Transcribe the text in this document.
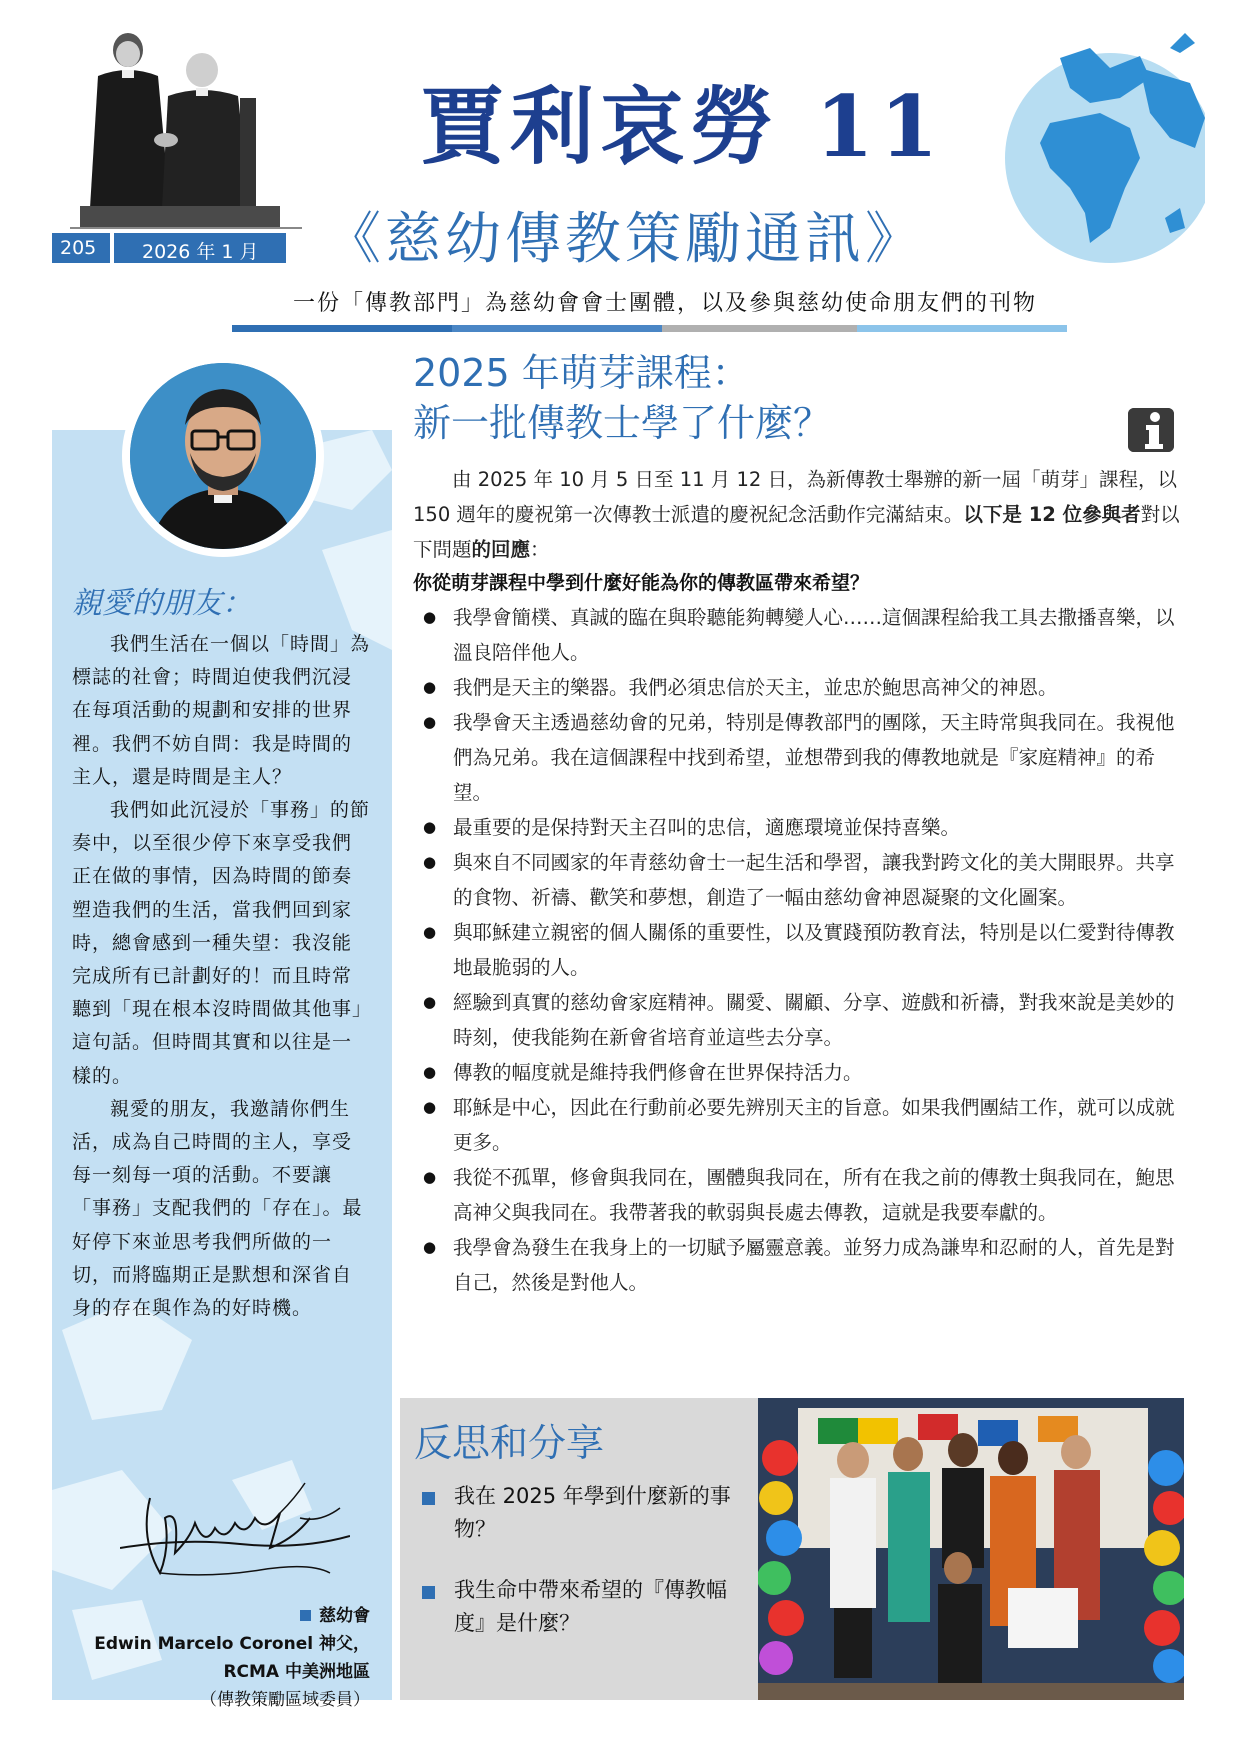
賈利哀勞 11
205 2026 年 1 月 《慈幼傳教策勵通訊》
一份「傳教部門」為慈幼會會士團體，以及參與慈幼使命朋友們的刊物
親愛的朋友：

我們生活在一個以「時間」為標誌的社會；時間迫使我們沉浸在每項活動的規劃和安排的世界裡。我們不妨自問：我是時間的主人，還是時間是主人？

我們如此沉浸於「事務」的節奏中，以至很少停下來享受我們正在做的事情，因為時間的節奏塑造我們的生活，當我們回到家時，總會感到一種失望：我沒能完成所有已計劃好的！而且時常聽到「現在根本沒時間做其他事」這句話。但時間其實和以往是一樣的。

親愛的朋友，我邀請你們生活，成為自己時間的主人，享受每一刻每一項的活動。不要讓「事務」支配我們的「存在」。最好停下來並思考我們所做的一切，而將臨期正是默想和深省自身的存在與作為的好時機。

慈幼會
Edwin Marcelo Coronel 神父，
RCMA 中美洲地區
（傳教策勵區域委員）
2025 年萌芽課程：
新一批傳教士學了什麼？

由 2025 年 10 月 5 日至 11 月 12 日，為新傳教士舉辦的新一屆「萌芽」課程，以 150 週年的慶祝第一次傳教士派遣的慶祝紀念活動作完滿結束。以下是 12 位參與者對以下問題的回應：

你從萌芽課程中學到什麼好能為你的傳教區帶來希望？
● 我學會簡樸、真誠的臨在與聆聽能夠轉變人心……這個課程給我工具去撒播喜樂，以溫良陪伴他人。
● 我們是天主的樂器。我們必須忠信於天主，並忠於鮑思高神父的神恩。
● 我學會天主透過慈幼會的兄弟，特別是傳教部門的團隊，天主時常與我同在。我視他們為兄弟。我在這個課程中找到希望，並想帶到我的傳教地就是『家庭精神』的希望。
● 最重要的是保持對天主召叫的忠信，適應環境並保持喜樂。
● 與來自不同國家的年青慈幼會士一起生活和學習，讓我對跨文化的美大開眼界。共享的食物、祈禱、歡笑和夢想，創造了一幅由慈幼會神恩凝聚的文化圖案。
● 與耶穌建立親密的個人關係的重要性，以及實踐預防教育法，特別是以仁愛對待傳教地最脆弱的人。
● 經驗到真實的慈幼會家庭精神。關愛、關顧、分享、遊戲和祈禱，對我來說是美妙的時刻，使我能夠在新會省培育並這些去分享。
● 傳教的幅度就是維持我們修會在世界保持活力。
● 耶穌是中心，因此在行動前必要先辨別天主的旨意。如果我們團結工作，就可以成就更多。
● 我從不孤單，修會與我同在，團體與我同在，所有在我之前的傳教士與我同在，鮑思高神父與我同在。我帶著我的軟弱與長處去傳教，這就是我要奉獻的。
● 我學會為發生在我身上的一切賦予屬靈意義。並努力成為謙卑和忍耐的人，首先是對自己，然後是對他人。
反思和分享
我在 2025 年學到什麼新的事物？
我生命中帶來希望的『傳教幅度』是什麼？
